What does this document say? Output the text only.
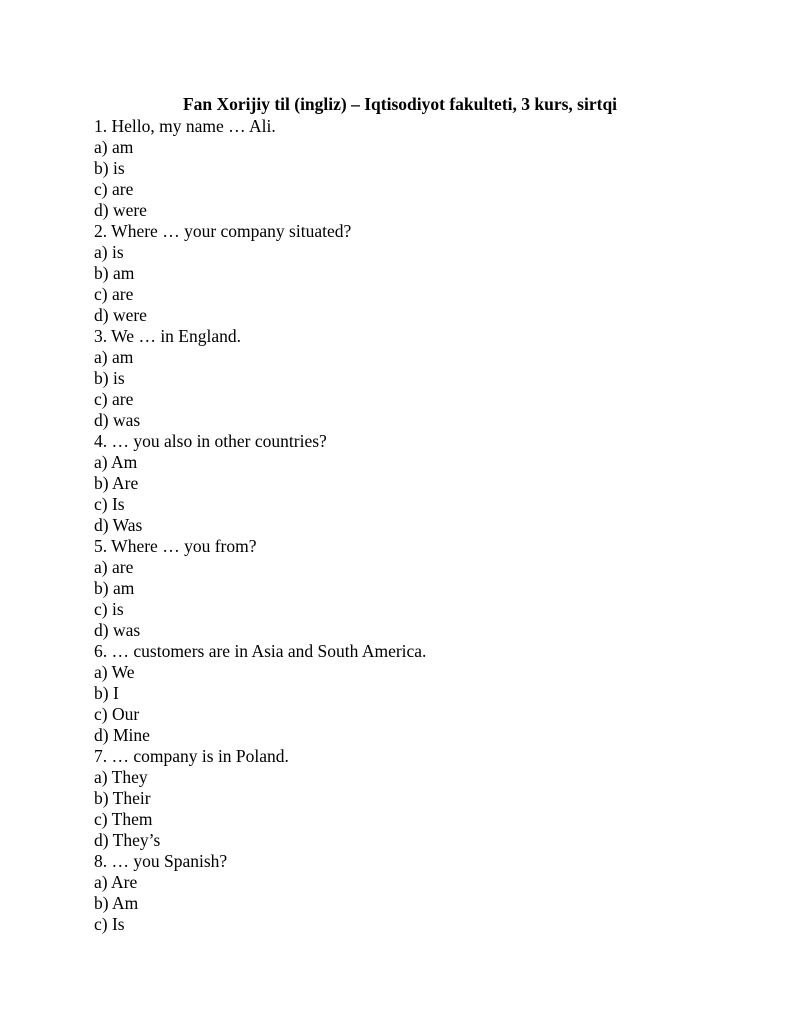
Fan Xorijiy til (ingliz) – Iqtisodiyot fakulteti, 3 kurs, sirtqi
1. Hello, my name … Ali.
a) am
b) is
c) are
d) were
2. Where … your company situated?
a) is
b) am
c) are
d) were
3. We … in England.
a) am
b) is
c) are
d) was
4. … you also in other countries?
a) Am
b) Are
c) Is
d) Was
5. Where … you from?
a) are
b) am
c) is
d) was
6. … customers are in Asia and South America.
a) We
b) I
c) Our
d) Mine
7. … company is in Poland.
a) They
b) Their
c) Them
d) They’s
8. … you Spanish?
a) Are
b) Am
c) Is
